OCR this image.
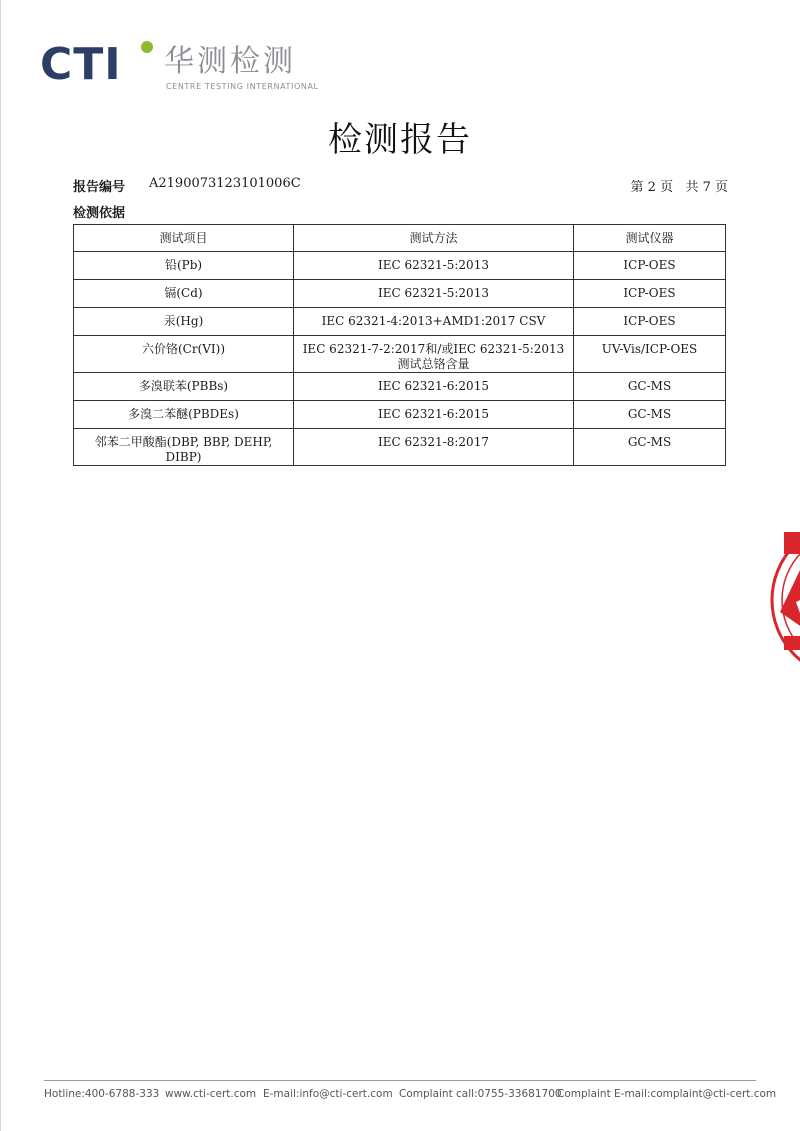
CTI 华测检测
CENTRE TESTING INTERNATIONAL
检测报告
报告编号 A2190073123101006C	第 2 页   共 7 页
检测依据
测试项目	测试方法	测试仪器
铅(Pb)	IEC 62321-5:2013	ICP-OES
镉(Cd)	IEC 62321-5:2013	ICP-OES
汞(Hg)	IEC 62321-4:2013+AMD1:2017 CSV	ICP-OES
六价铬(Cr(VI))	IEC 62321-7-2:2017和/或IEC 62321-5:2013 测试总铬含量	UV-Vis/ICP-OES
多溴联苯(PBBs)	IEC 62321-6:2015	GC-MS
多溴二苯醚(PBDEs)	IEC 62321-6:2015	GC-MS
邻苯二甲酸酯(DBP, BBP, DEHP, DIBP)	IEC 62321-8:2017	GC-MS
Hotline:400-6788-333 www.cti-cert.com E-mail:info@cti-cert.com Complaint call:0755-33681700
Complaint E-mail:complaint@cti-cert.com
